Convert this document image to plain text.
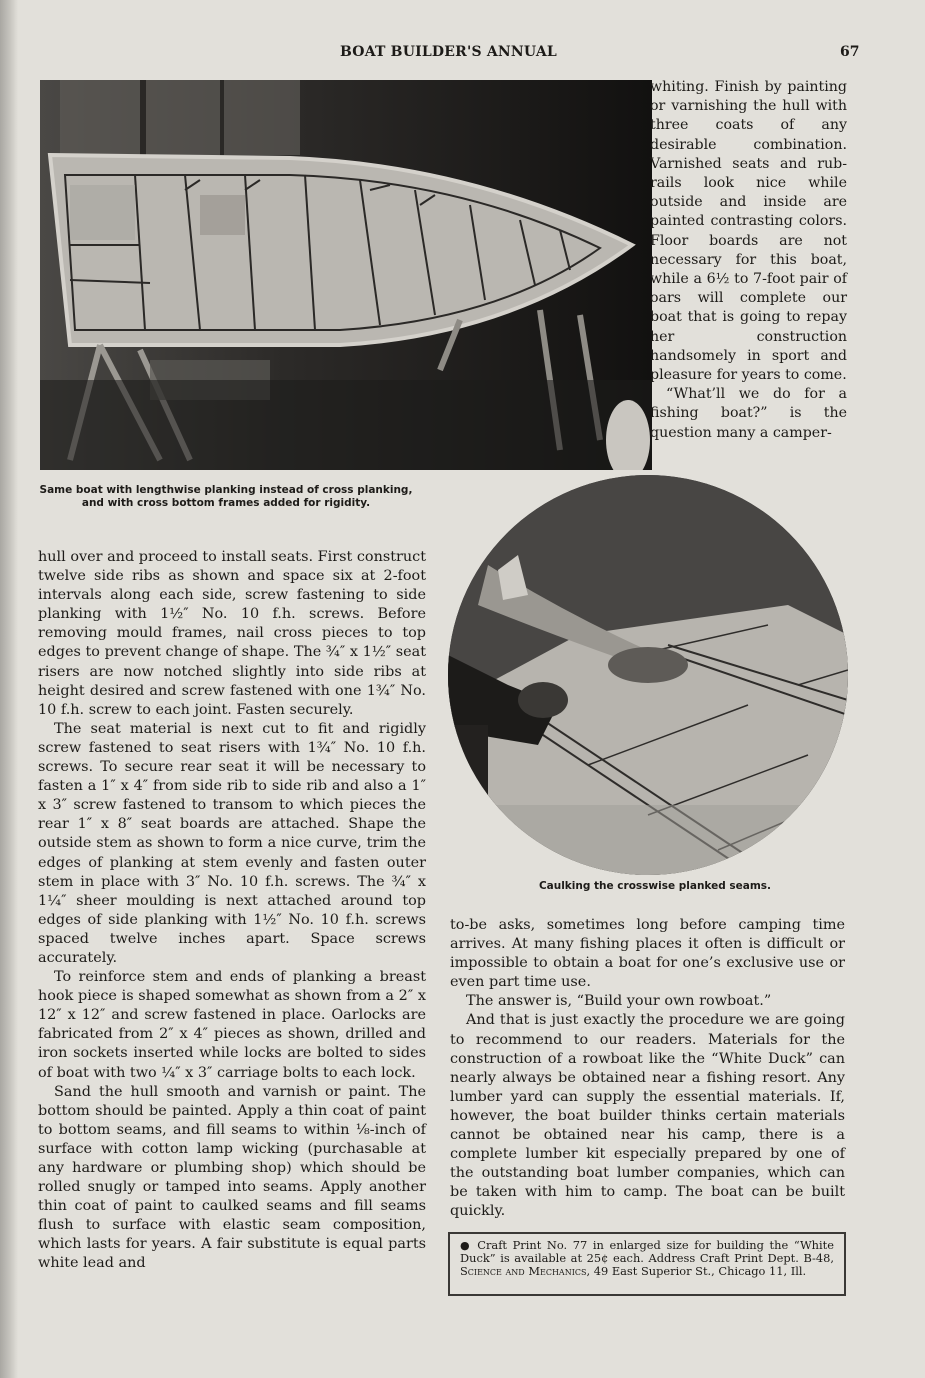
BOAT BUILDER'S ANNUAL	67
Same boat with lengthwise planking instead of cross planking, and with cross bottom frames added for rigidity.
Caulking the crosswise planked seams.

whiting. Finish by painting or varnishing the hull with three coats of any desirable combination. Varnished seats and rub-rails look nice while outside and inside are painted contrasting colors. Floor boards are not necessary for this boat, while a 6½ to 7-foot pair of oars will complete our boat that is going to repay her construction handsomely in sport and pleasure for years to come.

“What’ll we do for a fishing boat?” is the question many a camper-

hull over and proceed to install seats. First construct twelve side ribs as shown and space six at 2-foot intervals along each side, screw fastening to side planking with 1½″ No. 10 f.h. screws. Before removing mould frames, nail cross pieces to top edges to prevent change of shape. The ¾″ x 1½″ seat risers are now notched slightly into side ribs at height desired and screw fastened with one 1¾″ No. 10 f.h. screw to each joint. Fasten securely.

The seat material is next cut to fit and rigidly screw fastened to seat risers with 1¾″ No. 10 f.h. screws. To secure rear seat it will be necessary to fasten a 1″ x 4″ from side rib to side rib and also a 1″ x 3″ screw fastened to transom to which pieces the rear 1″ x 8″ seat boards are attached. Shape the outside stem as shown to form a nice curve, trim the edges of planking at stem evenly and fasten outer stem in place with 3″ No. 10 f.h. screws. The ¾″ x 1¼″ sheer moulding is next attached around top edges of side planking with 1½″ No. 10 f.h. screws spaced twelve inches apart. Space screws accurately.

To reinforce stem and ends of planking a breast hook piece is shaped somewhat as shown from a 2″ x 12″ x 12″ and screw fastened in place. Oarlocks are fabricated from 2″ x 4″ pieces as shown, drilled and iron sockets inserted while locks are bolted to sides of boat with two ¼″ x 3″ carriage bolts to each lock.

Sand the hull smooth and varnish or paint. The bottom should be painted. Apply a thin coat of paint to bottom seams, and fill seams to within ⅛-inch of surface with cotton lamp wicking (purchasable at any hardware or plumbing shop) which should be rolled snugly or tamped into seams. Apply another thin coat of paint to caulked seams and fill seams flush to surface with elastic seam composition, which lasts for years. A fair substitute is equal parts white lead and

to-be asks, sometimes long before camping time arrives. At many fishing places it often is difficult or impossible to obtain a boat for one’s exclusive use or even part time use.

The answer is, “Build your own rowboat.”

And that is just exactly the procedure we are going to recommend to our readers. Materials for the construction of a rowboat like the “White Duck” can nearly always be obtained near a fishing resort. Any lumber yard can supply the essential materials. If, however, the boat builder thinks certain materials cannot be obtained near his camp, there is a complete lumber kit especially prepared by one of the outstanding boat lumber companies, which can be taken with him to camp. The boat can be built quickly.

● Craft Print No. 77 in enlarged size for building the “White Duck” is available at 25¢ each. Address Craft Print Dept. B-48, Science and Mechanics, 49 East Superior St., Chicago 11, Ill.
